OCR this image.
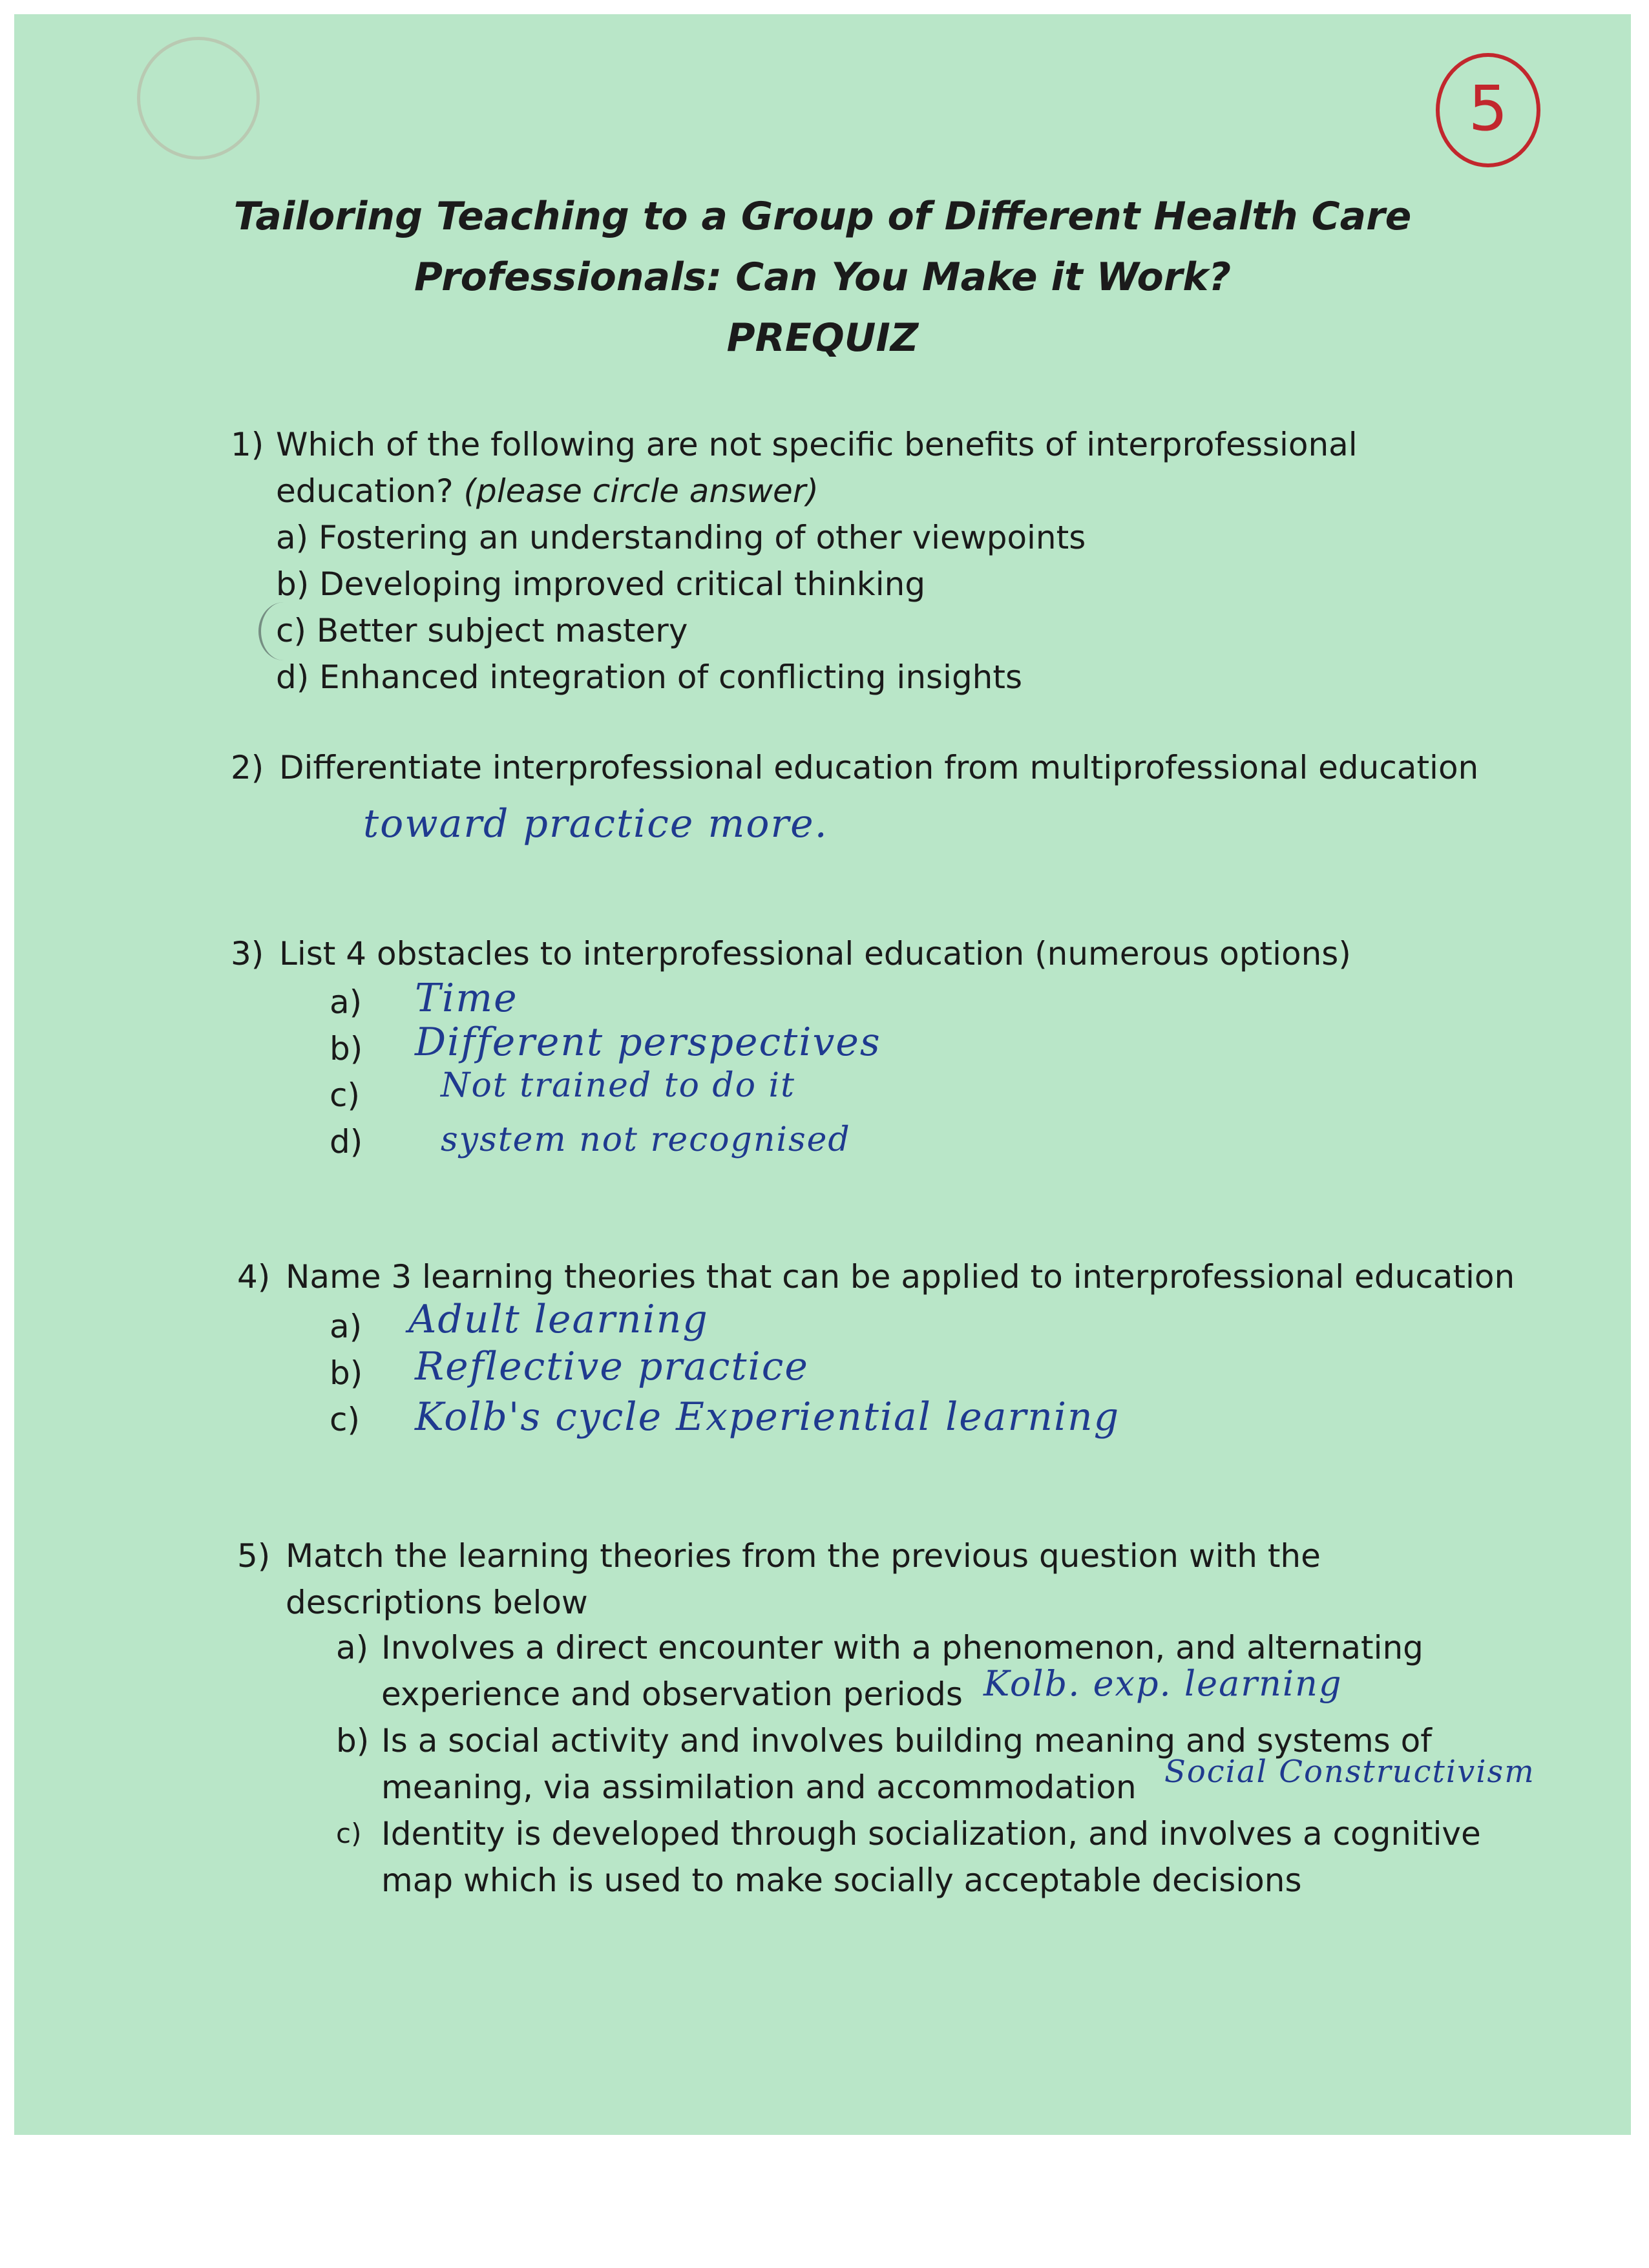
5
Tailoring Teaching to a Group of Different Health Care
Professionals: Can You Make it Work?
PREQUIZ
1) Which of the following are not specific benefits of interprofessional
education? (please circle answer)
a) Fostering an understanding of other viewpoints
b) Developing improved critical thinking
c) Better subject mastery
d) Enhanced integration of conflicting insights
2) Differentiate interprofessional education from multiprofessional education
toward practice more.
3) List 4 obstacles to interprofessional education (numerous options)
a) Time
b) Different perspectives
c) Not trained to do it
d) system not recognised
4) Name 3 learning theories that can be applied to interprofessional education
a) Adult learning
b) Reflective practice
c) Kolb's cycle Experiential learning
5) Match the learning theories from the previous question with the
descriptions below
a) Involves a direct encounter with a phenomenon, and alternating
experience and observation periods Kolb. exp. learning
b) Is a social activity and involves building meaning and systems of
meaning, via assimilation and accommodation Social Constructivism
c) Identity is developed through socialization, and involves a cognitive
map which is used to make socially acceptable decisions
